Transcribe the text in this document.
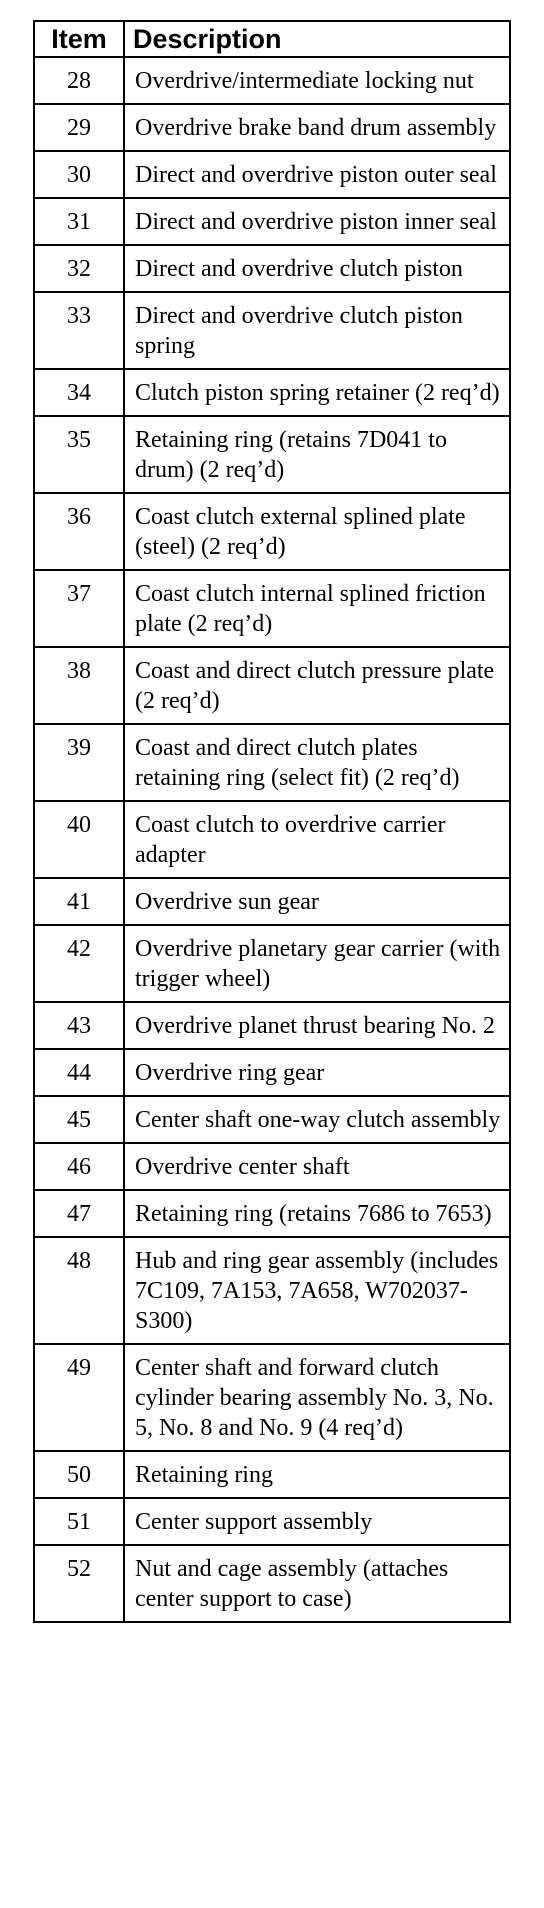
Item	Description
28	Overdrive/intermediate locking nut
29	Overdrive brake band drum assembly
30	Direct and overdrive piston outer seal
31	Direct and overdrive piston inner seal
32	Direct and overdrive clutch piston
33	Direct and overdrive clutch piston spring
34	Clutch piston spring retainer (2 req’d)
35	Retaining ring (retains 7D041 to drum) (2 req’d)
36	Coast clutch external splined plate (steel) (2 req’d)
37	Coast clutch internal splined friction plate (2 req’d)
38	Coast and direct clutch pressure plate (2 req’d)
39	Coast and direct clutch plates retaining ring (select fit) (2 req’d)
40	Coast clutch to overdrive carrier adapter
41	Overdrive sun gear
42	Overdrive planetary gear carrier (with trigger wheel)
43	Overdrive planet thrust bearing No. 2
44	Overdrive ring gear
45	Center shaft one-way clutch assembly
46	Overdrive center shaft
47	Retaining ring (retains 7686 to 7653)
48	Hub and ring gear assembly (includes 7C109, 7A153, 7A658, W702037-S300)
49	Center shaft and forward clutch cylinder bearing assembly No. 3, No. 5, No. 8 and No. 9 (4 req’d)
50	Retaining ring
51	Center support assembly
52	Nut and cage assembly (attaches center support to case)
